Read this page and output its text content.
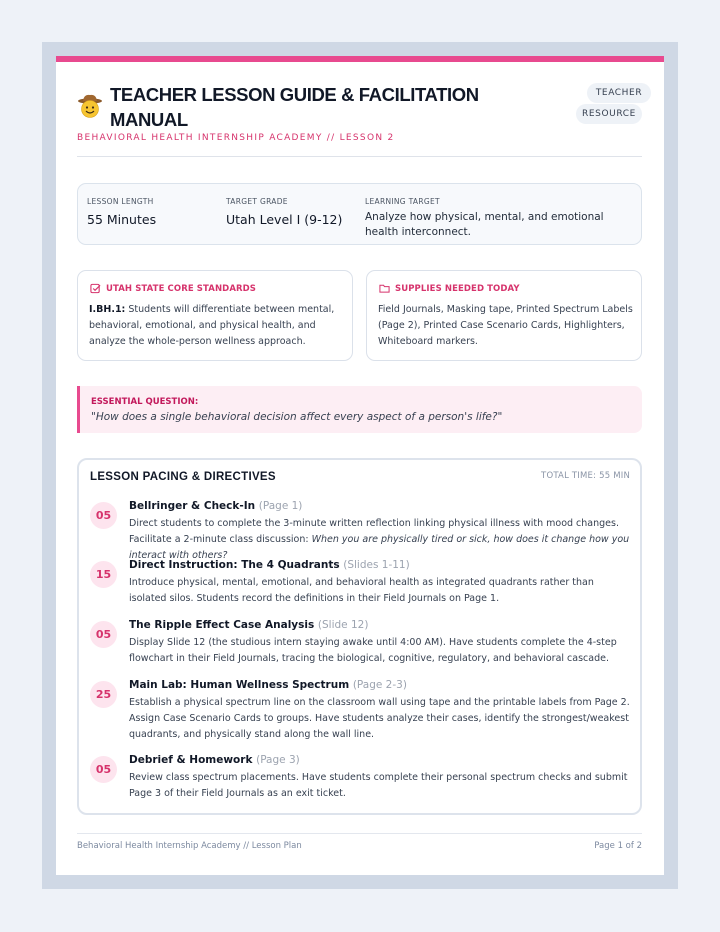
TEACHER LESSON GUIDE & FACILITATION MANUAL
BEHAVIORAL HEALTH INTERNSHIP ACADEMY // LESSON 2
TEACHER
RESOURCE
LESSON LENGTH
55 Minutes
TARGET GRADE
Utah Level I (9-12)
LEARNING TARGET
Analyze how physical, mental, and emotional health interconnect.
UTAH STATE CORE STANDARDS
I.BH.1: Students will differentiate between mental, behavioral, emotional, and physical health, and analyze the whole-person wellness approach.
SUPPLIES NEEDED TODAY
Field Journals, Masking tape, Printed Spectrum Labels (Page 2), Printed Case Scenario Cards, Highlighters, Whiteboard markers.
ESSENTIAL QUESTION:
"How does a single behavioral decision affect every aspect of a person's life?"
LESSON PACING & DIRECTIVES	TOTAL TIME: 55 MIN
05
Bellringer & Check-In (Page 1)
Direct students to complete the 3-minute written reflection linking physical illness with mood changes. Facilitate a 2-minute class discussion: When you are physically tired or sick, how does it change how you interact with others?
15
Direct Instruction: The 4 Quadrants (Slides 1-11)
Introduce physical, mental, emotional, and behavioral health as integrated quadrants rather than isolated silos. Students record the definitions in their Field Journals on Page 1.
05
The Ripple Effect Case Analysis (Slide 12)
Display Slide 12 (the studious intern staying awake until 4:00 AM). Have students complete the 4-step flowchart in their Field Journals, tracing the biological, cognitive, regulatory, and behavioral cascade.
25
Main Lab: Human Wellness Spectrum (Page 2-3)
Establish a physical spectrum line on the classroom wall using tape and the printable labels from Page 2. Assign Case Scenario Cards to groups. Have students analyze their cases, identify the strongest/weakest quadrants, and physically stand along the wall line.
05
Debrief & Homework (Page 3)
Review class spectrum placements. Have students complete their personal spectrum checks and submit Page 3 of their Field Journals as an exit ticket.
Behavioral Health Internship Academy // Lesson Plan	Page 1 of 2
